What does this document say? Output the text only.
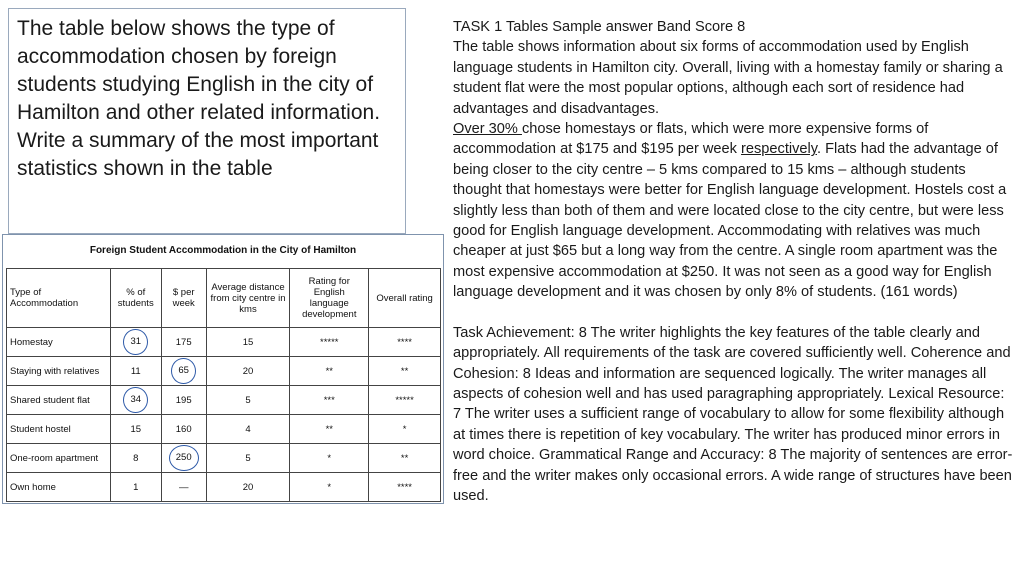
The table below shows the type of accommodation chosen by foreign students studying English in the city of Hamilton and other related information. Write a summary of the most important statistics shown in the table
Foreign Student Accommodation in the City of Hamilton
Type of Accommodation	% of students	$ per week	Average distance from city centre in kms	Rating for English language development	Overall rating
Homestay	31	175	15	*****	****
Staying with relatives	11	65	20	**	**
Shared student flat	34	195	5	***	*****
Student hostel	15	160	4	**	*
One-room apartment	8	250	5	*	**
Own home	1	—	20	*	****

TASK 1 Tables Sample answer Band Score 8

The table shows information about six forms of accommodation used by English language students in Hamilton city. Overall, living with a homestay family or sharing a student flat were the most popular options, although each sort of residence had advantages and disadvantages.

Over 30% chose homestays or flats, which were more expensive forms of accommodation at $175 and $195 per week respectively. Flats had the advantage of being closer to the city centre – 5 kms compared to 15 kms – although students thought that homestays were better for English language development. Hostels cost a slightly less than both of them and were located close to the city centre, but were less good for English language development. Accommodating with relatives was much cheaper at just $65 but a long way from the centre. A single room apartment was the most expensive accommodation at $250. It was not seen as a good way for English language development and it was chosen by only 8% of students. (161 words)

Task Achievement: 8 The writer highlights the key features of the table clearly and appropriately. All requirements of the task are covered sufficiently well. Coherence and Cohesion: 8 Ideas and information are sequenced logically. The writer manages all aspects of cohesion well and has used paragraphing appropriately. Lexical Resource: 7 The writer uses a sufficient range of vocabulary to allow for some flexibility although at times there is repetition of key vocabulary. The writer has produced minor errors in word choice. Grammatical Range and Accuracy: 8 The majority of sentences are error-free and the writer makes only occasional errors. A wide range of structures have been used.
